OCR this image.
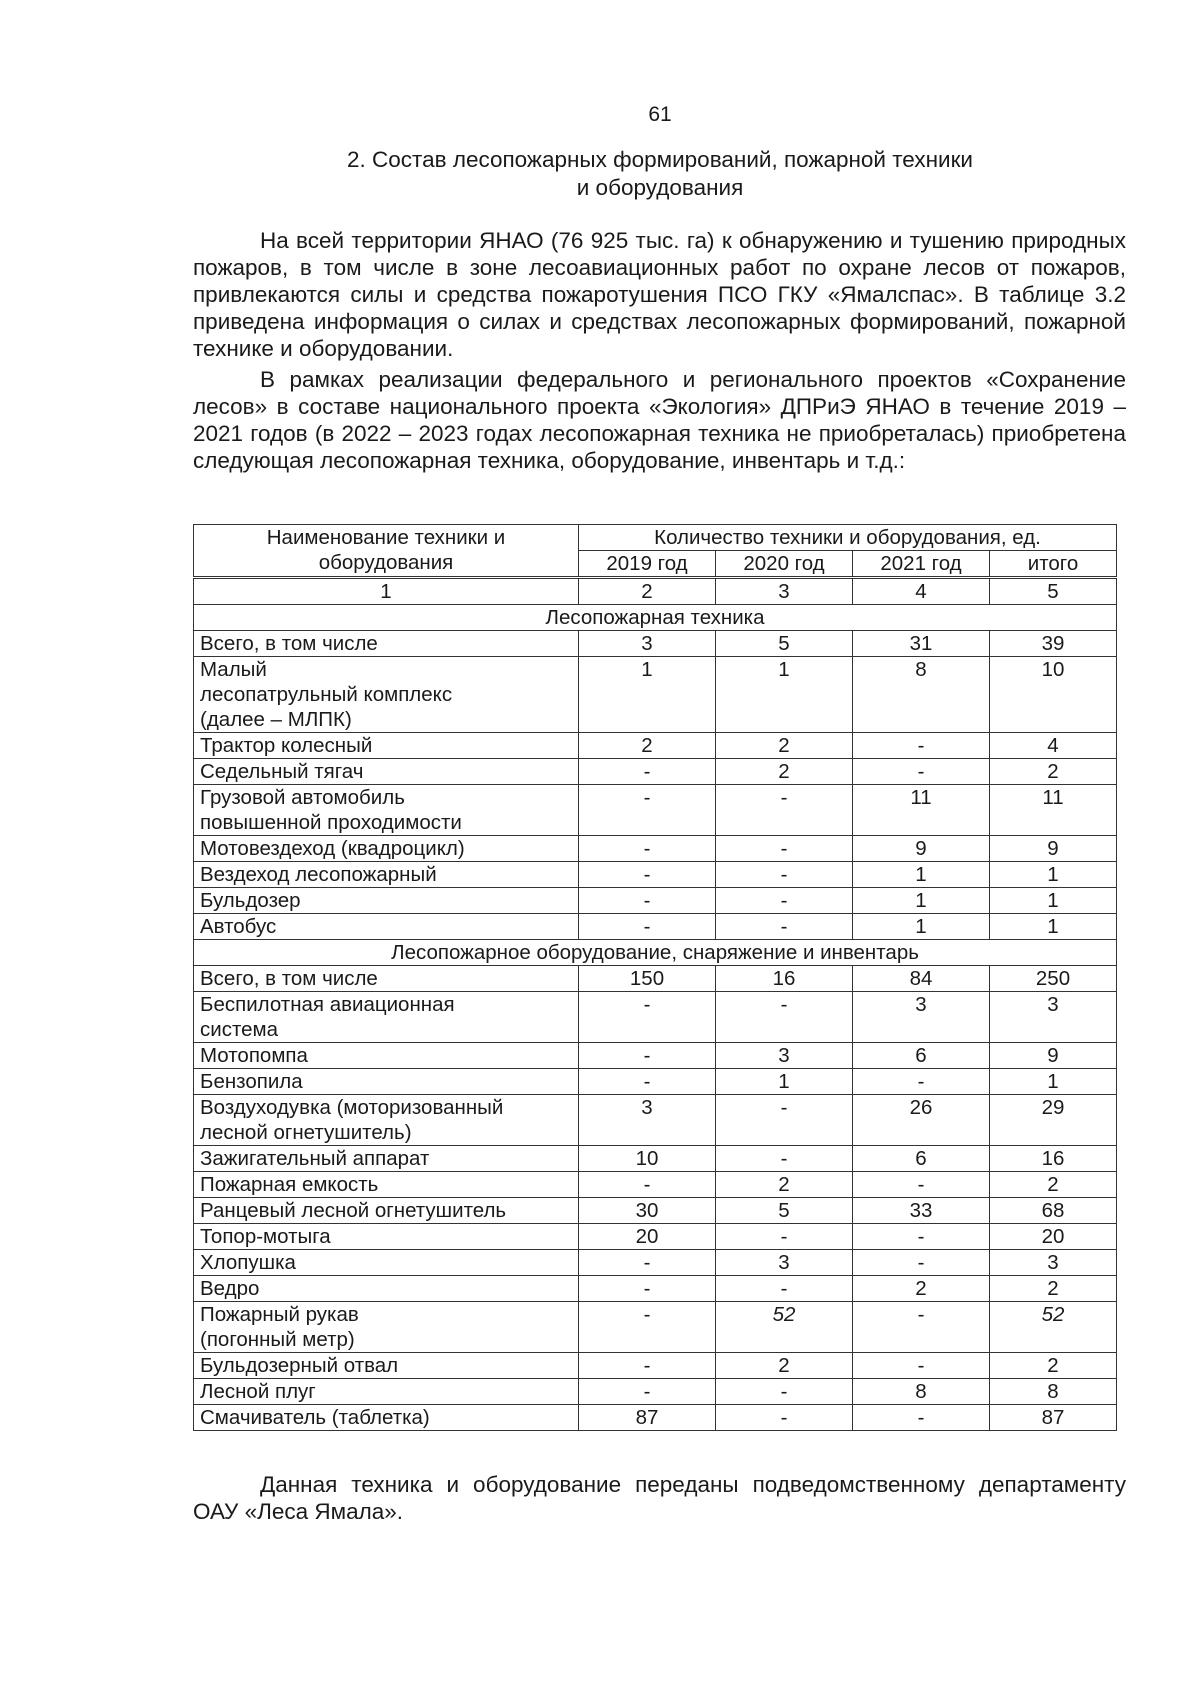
61
2. Состав лесопожарных формирований, пожарной техники
и оборудования

На всей территории ЯНАО (76 925 тыс. га) к обнаружению и тушению природных пожаров, в том числе в зоне лесоавиационных работ по охране лесов от пожаров, привлекаются силы и средства пожаротушения ПСО ГКУ «Ямалспас». В таблице 3.2 приведена информация о силах и средствах лесопожарных формирований, пожарной технике и оборудовании.

В рамках реализации федерального и регионального проектов «Сохранение лесов» в составе национального проекта «Экология» ДПРиЭ ЯНАО в течение 2019 – 2021 годов (в 2022 – 2023 годах лесопожарная техника не приобреталась) приобретена следующая лесопожарная техника, оборудование, инвентарь и т.д.:

Наименование техники и оборудования	Количество техники и оборудования, ед.			
	2019 год	2020 год	2021 год	итого
1	2	3	4	5
Лесопожарная техника				
Всего, в том числе	3	5	31	39
Малый
лесопатрульный комплекс
(далее – МЛПК)	1	1	8	10
Трактор колесный	2	2	-	4
Седельный тягач	-	2	-	2
Грузовой автомобиль
повышенной проходимости	-	-	11	11
Мотовездеход (квадроцикл)	-	-	9	9
Вездеход лесопожарный	-	-	1	1
Бульдозер	-	-	1	1
Автобус	-	-	1	1
Лесопожарное оборудование, снаряжение и инвентарь				
Всего, в том числе	150	16	84	250
Беспилотная авиационная
система	-	-	3	3
Мотопомпа	-	3	6	9
Бензопила	-	1	-	1
Воздуходувка (моторизованный
лесной огнетушитель)	3	-	26	29
Зажигательный аппарат	10	-	6	16
Пожарная емкость	-	2	-	2
Ранцевый лесной огнетушитель	30	5	33	68
Топор-мотыга	20	-	-	20
Хлопушка	-	3	-	3
Ведро	-	-	2	2
Пожарный рукав
(погонный метр)	-	52	-	52
Бульдозерный отвал	-	2	-	2
Лесной плуг	-	-	8	8
Смачиватель (таблетка)	87	-	-	87

Данная техника и оборудование переданы подведомственному департаменту ОАУ «Леса Ямала».
